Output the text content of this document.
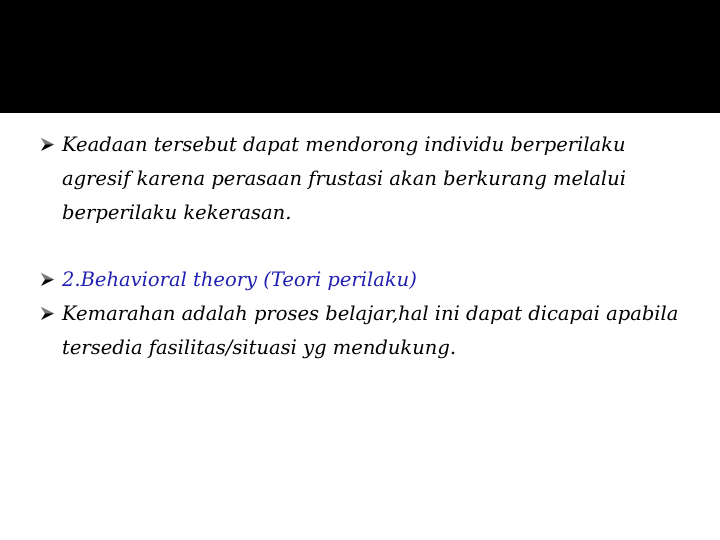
Keadaan tersebut dapat mendorong individu berperilaku agresif karena perasaan frustasi akan berkurang melalui berperilaku kekerasan.
2.Behavioral theory (Teori perilaku)
Kemarahan adalah proses belajar,hal ini dapat dicapai apabila tersedia fasilitas/situasi yg mendukung.
